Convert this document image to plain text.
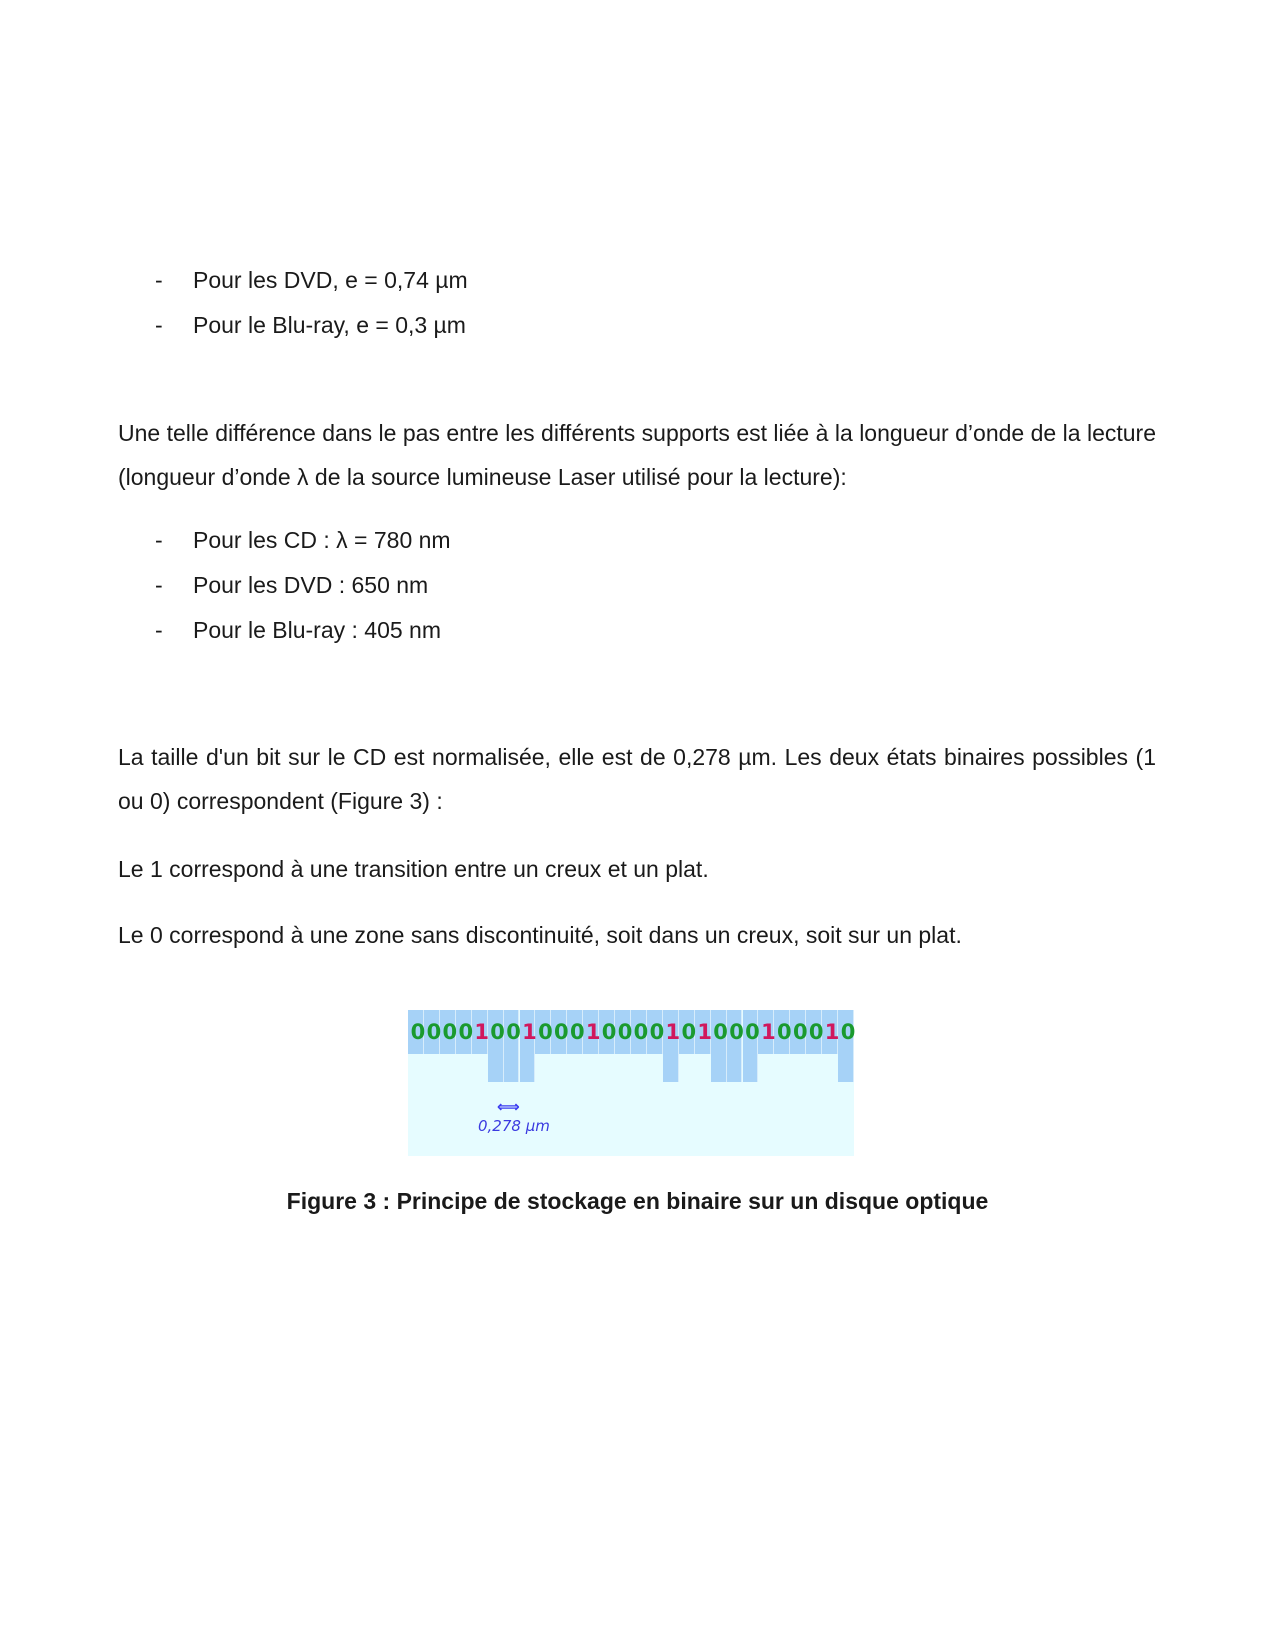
- Pour les DVD, e = 0,74 µm
- Pour le Blu-ray, e = 0,3 µm

Une telle différence dans le pas entre les différents supports est liée à la longueur d’onde de la lecture (longueur d’onde λ de la source lumineuse Laser utilisé pour la lecture):

- Pour les CD : λ = 780 nm
- Pour les DVD : 650 nm
- Pour le Blu-ray : 405 nm

La taille d'un bit sur le CD est normalisée, elle est de 0,278 µm. Les deux états binaires possibles (1 ou 0) correspondent (Figure 3) :

Le 1 correspond à une transition entre un creux et un plat.

Le 0 correspond à une zone sans discontinuité, soit dans un creux, soit sur un plat.

0 0 0 0 1 0 0 1 0 0 0 1 0 0 0 0 1 0 1 0 0 0 1 0 0 0 1 0
⟺
0,278 µm

Figure 3 : Principe de stockage en binaire sur un disque optique
